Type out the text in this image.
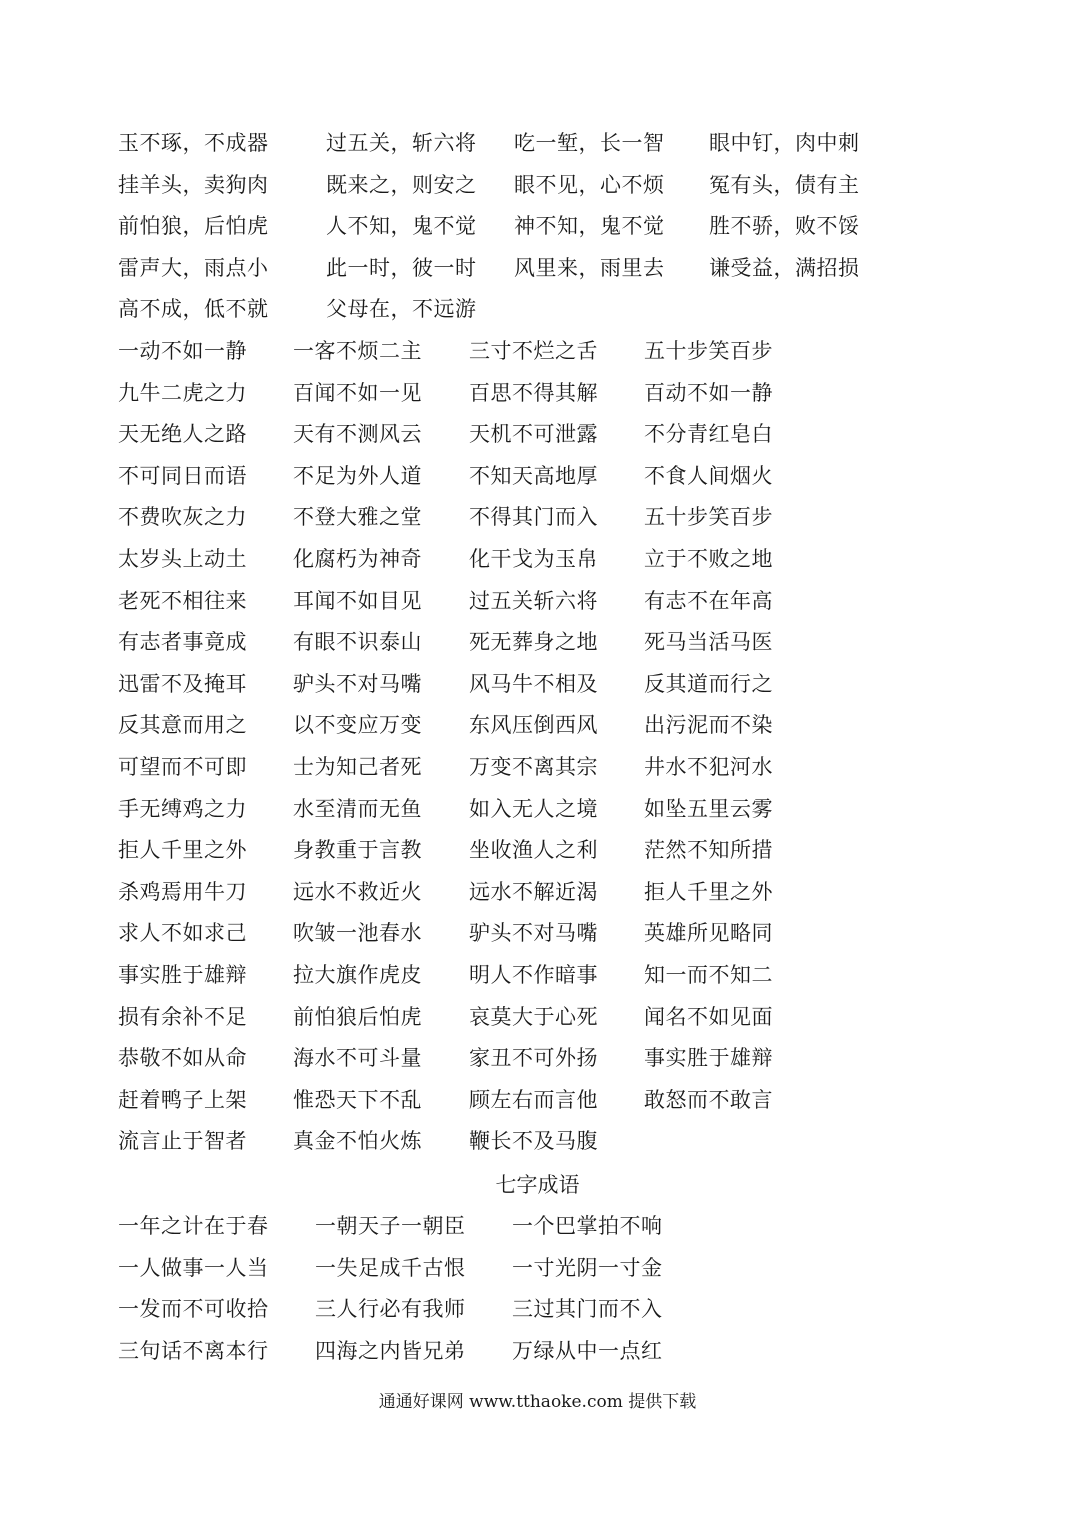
玉不琢，不成器	过五关，斩六将 吃一堑，长一智 眼中钉，肉中刺
挂羊头，卖狗肉	既来之，则安之 眼不见，心不烦 冤有头，债有主
前怕狼，后怕虎	人不知，鬼不觉 神不知，鬼不觉 胜不骄，败不馁
雷声大，雨点小	此一时，彼一时 风里来，雨里去 谦受益，满招损
高不成，低不就	父母在，不远游
一动不如一静 一客不烦二主 三寸不烂之舌 五十步笑百步
九牛二虎之力 百闻不如一见 百思不得其解 百动不如一静
天无绝人之路 天有不测风云 天机不可泄露 不分青红皂白
不可同日而语 不足为外人道 不知天高地厚 不食人间烟火
不费吹灰之力 不登大雅之堂 不得其门而入 五十步笑百步
太岁头上动土 化腐朽为神奇 化干戈为玉帛 立于不败之地
老死不相往来 耳闻不如目见 过五关斩六将 有志不在年高
有志者事竟成 有眼不识泰山 死无葬身之地 死马当活马医
迅雷不及掩耳 驴头不对马嘴 风马牛不相及 反其道而行之
反其意而用之 以不变应万变 东风压倒西风 出污泥而不染
可望而不可即 士为知己者死 万变不离其宗 井水不犯河水
手无缚鸡之力 水至清而无鱼 如入无人之境 如坠五里云雾
拒人千里之外 身教重于言教 坐收渔人之利 茫然不知所措
杀鸡焉用牛刀 远水不救近火 远水不解近渴 拒人千里之外
求人不如求己 吹皱一池春水 驴头不对马嘴 英雄所见略同
事实胜于雄辩 拉大旗作虎皮 明人不作暗事 知一而不知二
损有余补不足 前怕狼后怕虎 哀莫大于心死 闻名不如见面
恭敬不如从命 海水不可斗量 家丑不可外扬 事实胜于雄辩
赶着鸭子上架 惟恐天下不乱 顾左右而言他 敢怒而不敢言
流言止于智者 真金不怕火炼 鞭长不及马腹
七字成语
一年之计在于春 一朝天子一朝臣 一个巴掌拍不响
一人做事一人当 一失足成千古恨 一寸光阴一寸金
一发而不可收拾 三人行必有我师 三过其门而不入
三句话不离本行 四海之内皆兄弟 万绿从中一点红
通通好课网 www.tthaoke.com 提供下载
